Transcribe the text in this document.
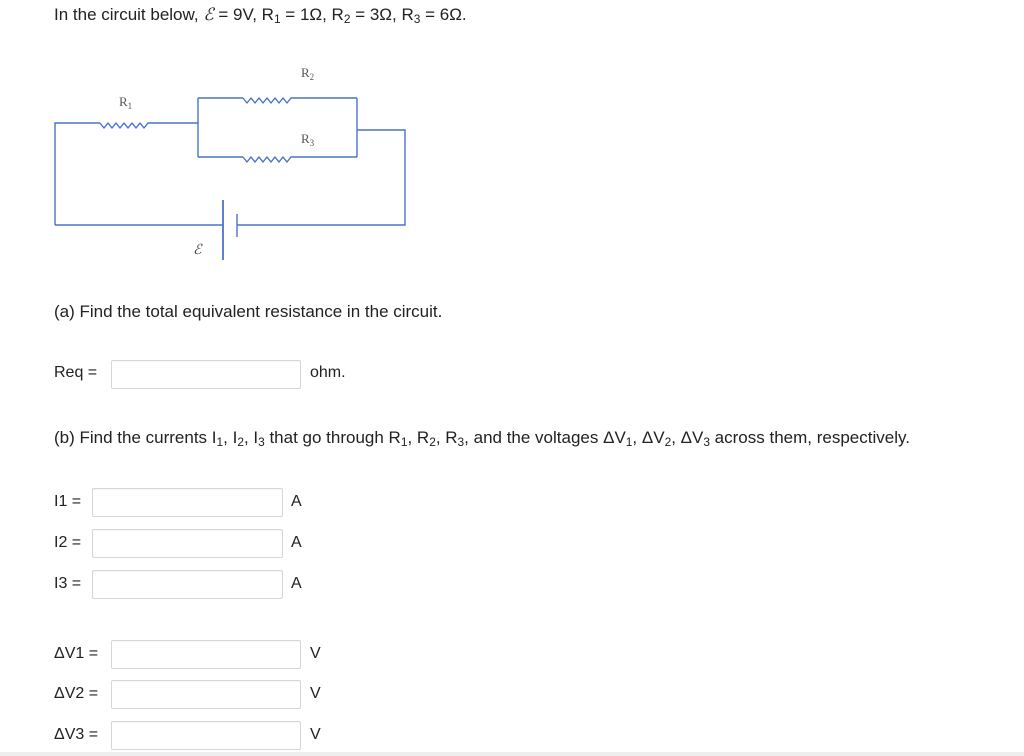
In the circuit below, ℰ = 9V, $R_1 = 1\Omega$, $R_2 = 3\Omega$, $R_3 = 6\Omega$.
$R_1$
$R_2$
$R_3$
ℰ
(a) Find the total equivalent resistance in the circuit.
Req =	ohm.
(b) Find the currents $I_1$, $I_2$, $I_3$ that go through $R_1$, $R_2$, $R_3$, and the voltages $\Delta V_1$, $\Delta V_2$, $\Delta V_3$ across them, respectively.
I1 =	A
I2 =	A
I3 =	A
ΔV1 =	V
ΔV2 =	V
ΔV3 =	V
